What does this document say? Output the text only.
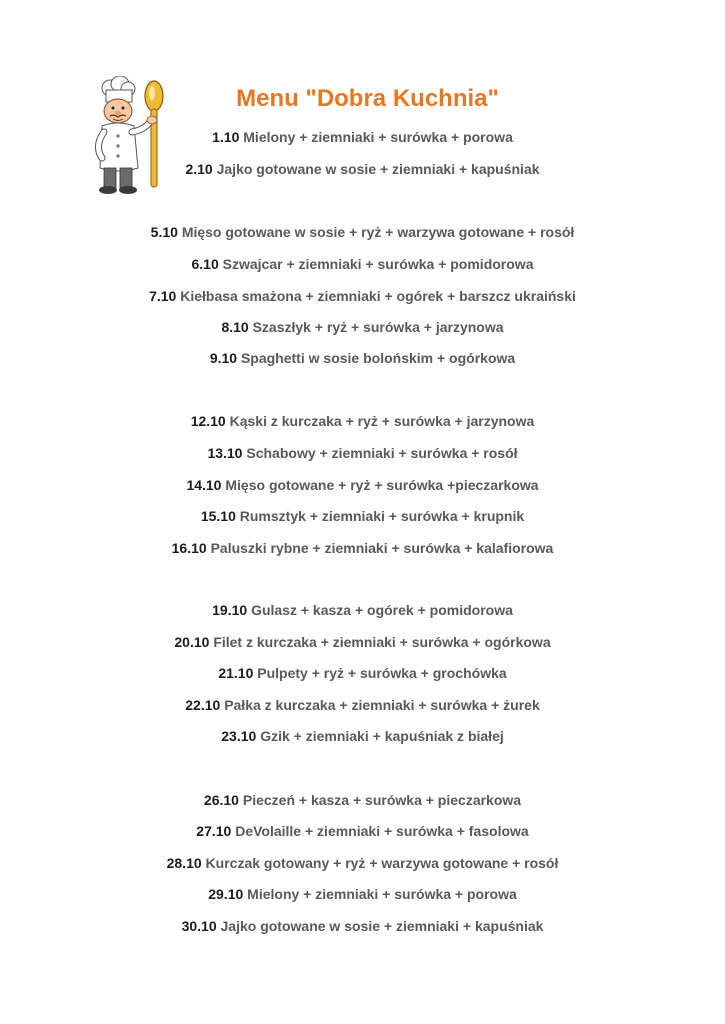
Menu "Dobra Kuchnia"
1.10 Mielony + ziemniaki + surówka + porowa
2.10 Jajko gotowane w sosie + ziemniaki + kapuśniak
5.10 Mięso gotowane w sosie + ryż + warzywa gotowane + rosół
6.10 Szwajcar + ziemniaki + surówka + pomidorowa
7.10 Kiełbasa smażona + ziemniaki + ogórek + barszcz ukraiński
8.10 Szaszłyk + ryż + surówka + jarzynowa
9.10 Spaghetti w sosie bolońskim + ogórkowa
12.10 Kąski z kurczaka + ryż + surówka + jarzynowa
13.10 Schabowy + ziemniaki + surówka + rosół
14.10 Mięso gotowane + ryż + surówka +pieczarkowa
15.10 Rumsztyk + ziemniaki + surówka + krupnik
16.10 Paluszki rybne + ziemniaki + surówka + kalafiorowa
19.10 Gulasz + kasza + ogórek + pomidorowa
20.10 Filet z kurczaka + ziemniaki + surówka + ogórkowa
21.10 Pulpety + ryż + surówka + grochówka
22.10 Pałka z kurczaka + ziemniaki + surówka + żurek
23.10 Gzik + ziemniaki + kapuśniak z białej
26.10 Pieczeń + kasza + surówka + pieczarkowa
27.10 DeVolaille + ziemniaki + surówka + fasolowa
28.10 Kurczak gotowany + ryż + warzywa gotowane + rosół
29.10 Mielony + ziemniaki + surówka + porowa
30.10 Jajko gotowane w sosie + ziemniaki + kapuśniak
